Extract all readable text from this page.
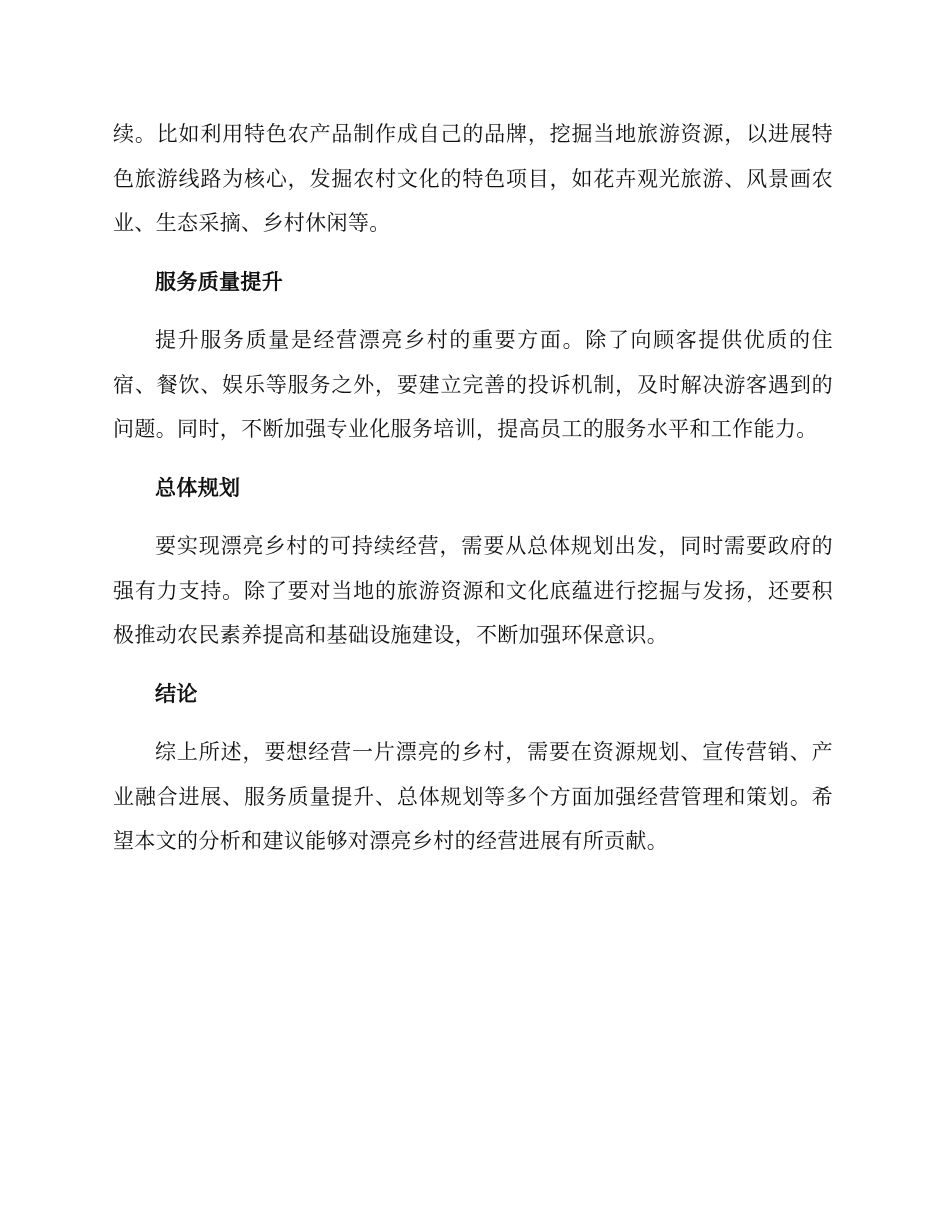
续。比如利用特色农产品制作成自己的品牌，挖掘当地旅游资源，以进展特色旅游线路为核心，发掘农村文化的特色项目，如花卉观光旅游、风景画农业、生态采摘、乡村休闲等。

服务质量提升

提升服务质量是经营漂亮乡村的重要方面。除了向顾客提供优质的住宿、餐饮、娱乐等服务之外，要建立完善的投诉机制，及时解决游客遇到的问题。同时，不断加强专业化服务培训，提高员工的服务水平和工作能力。

总体规划

要实现漂亮乡村的可持续经营，需要从总体规划出发，同时需要政府的强有力支持。除了要对当地的旅游资源和文化底蕴进行挖掘与发扬，还要积极推动农民素养提高和基础设施建设，不断加强环保意识。

结论

综上所述，要想经营一片漂亮的乡村，需要在资源规划、宣传营销、产业融合进展、服务质量提升、总体规划等多个方面加强经营管理和策划。希望本文的分析和建议能够对漂亮乡村的经营进展有所贡献。
